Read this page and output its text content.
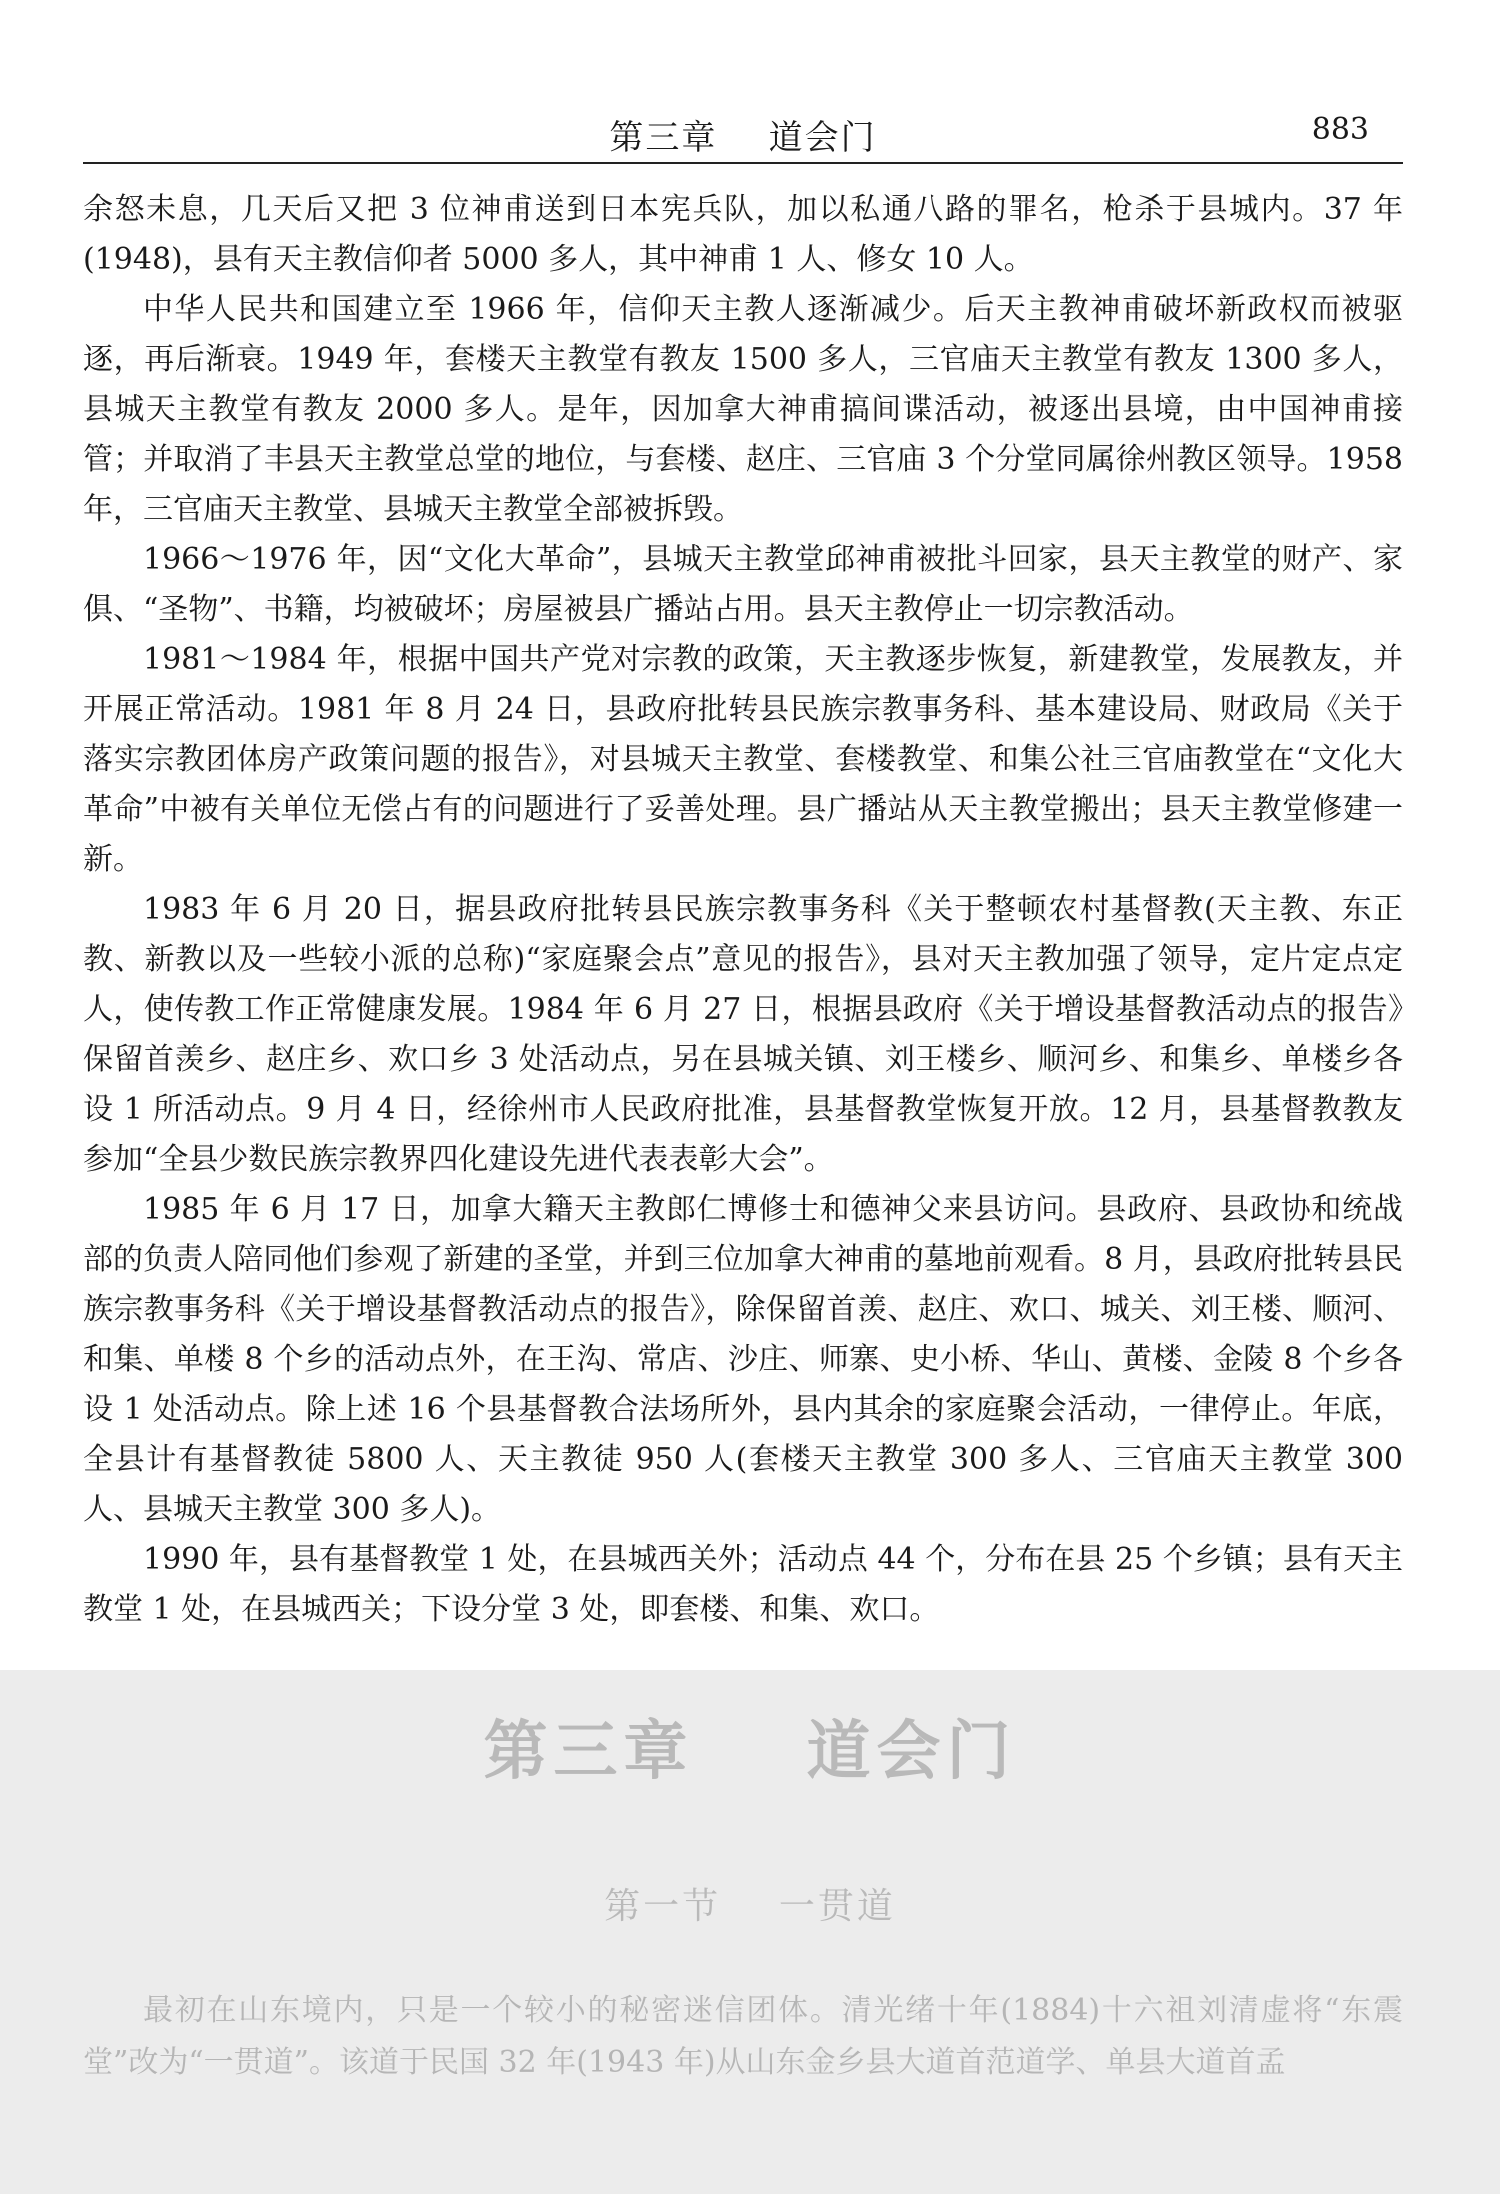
第三章    道会门	883

余怒未息，几天后又把 3 位神甫送到日本宪兵队，加以私通八路的罪名，枪杀于县城内。37 年(1948)，县有天主教信仰者 5000 多人，其中神甫 1 人、修女 10 人。

中华人民共和国建立至 1966 年，信仰天主教人逐渐减少。后天主教神甫破坏新政权而被驱逐，再后渐衰。1949 年，套楼天主教堂有教友 1500 多人，三官庙天主教堂有教友 1300 多人，县城天主教堂有教友 2000 多人。是年，因加拿大神甫搞间谍活动，被逐出县境，由中国神甫接管；并取消了丰县天主教堂总堂的地位，与套楼、赵庄、三官庙 3 个分堂同属徐州教区领导。1958 年，三官庙天主教堂、县城天主教堂全部被拆毁。

1966～1976 年，因“文化大革命”，县城天主教堂邱神甫被批斗回家，县天主教堂的财产、家俱、“圣物”、书籍，均被破坏；房屋被县广播站占用。县天主教停止一切宗教活动。

1981～1984 年，根据中国共产党对宗教的政策，天主教逐步恢复，新建教堂，发展教友，并开展正常活动。1981 年 8 月 24 日，县政府批转县民族宗教事务科、基本建设局、财政局《关于落实宗教团体房产政策问题的报告》，对县城天主教堂、套楼教堂、和集公社三官庙教堂在“文化大革命”中被有关单位无偿占有的问题进行了妥善处理。县广播站从天主教堂搬出；县天主教堂修建一新。

1983 年 6 月 20 日，据县政府批转县民族宗教事务科《关于整顿农村基督教(天主教、东正教、新教以及一些较小派的总称)“家庭聚会点”意见的报告》，县对天主教加强了领导，定片定点定人，使传教工作正常健康发展。1984 年 6 月 27 日，根据县政府《关于增设基督教活动点的报告》保留首羡乡、赵庄乡、欢口乡 3 处活动点，另在县城关镇、刘王楼乡、顺河乡、和集乡、单楼乡各设 1 所活动点。9 月 4 日，经徐州市人民政府批准，县基督教堂恢复开放。12 月，县基督教教友参加“全县少数民族宗教界四化建设先进代表表彰大会”。

1985 年 6 月 17 日，加拿大籍天主教郎仁博修士和德神父来县访问。县政府、县政协和统战部的负责人陪同他们参观了新建的圣堂，并到三位加拿大神甫的墓地前观看。8 月，县政府批转县民族宗教事务科《关于增设基督教活动点的报告》，除保留首羡、赵庄、欢口、城关、刘王楼、顺河、和集、单楼 8 个乡的活动点外，在王沟、常店、沙庄、师寨、史小桥、华山、黄楼、金陵 8 个乡各设 1 处活动点。除上述 16 个县基督教合法场所外，县内其余的家庭聚会活动，一律停止。年底，全县计有基督教徒 5800 人、天主教徒 950 人(套楼天主教堂 300 多人、三官庙天主教堂 300 人、县城天主教堂 300 多人)。

1990 年，县有基督教堂 1 处，在县城西关外；活动点 44 个，分布在县 25 个乡镇；县有天主教堂 1 处，在县城西关；下设分堂 3 处，即套楼、和集、欢口。

第三章    道会门
第一节    一贯道

最初在山东境内，只是一个较小的秘密迷信团体。清光绪十年(1884)十六祖刘清虚将“东震堂”改为“一贯道”。该道于民国 32 年(1943 年)从山东金乡县大道首范道学、单县大道首孟
